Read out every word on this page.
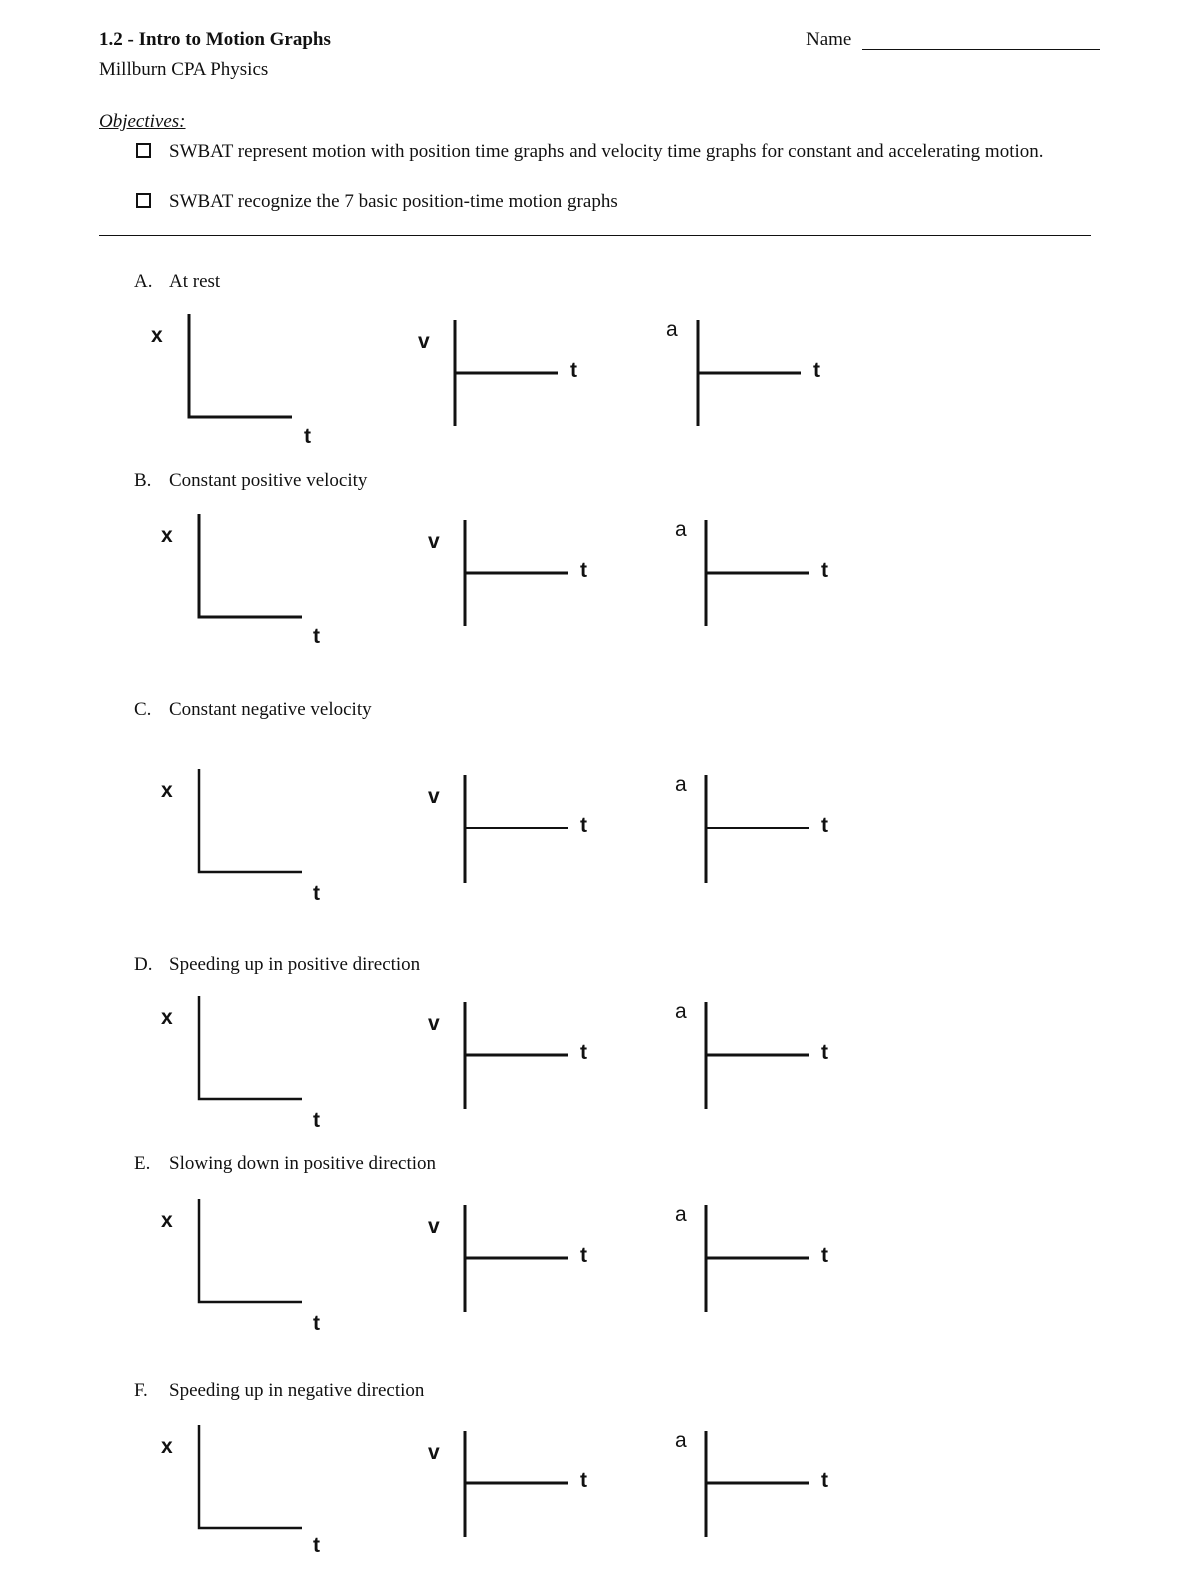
1.2 - Intro to Motion Graphs	Name
Millburn CPA Physics
Objectives:
SWBAT represent motion with position time graphs and velocity time graphs for constant and accelerating motion.
SWBAT recognize the 7 basic position-time motion graphs
A. At rest
x
t
v
t
a
t
B. Constant positive velocity
x
t
v
t
a
t
C. Constant negative velocity
x
t
v
t
a
t
D. Speeding up in positive direction
x
t
v
t
a
t
E. Slowing down in positive direction
x
t
v
t
a
t
F. Speeding up in negative direction
x
t
v
t
a
t
